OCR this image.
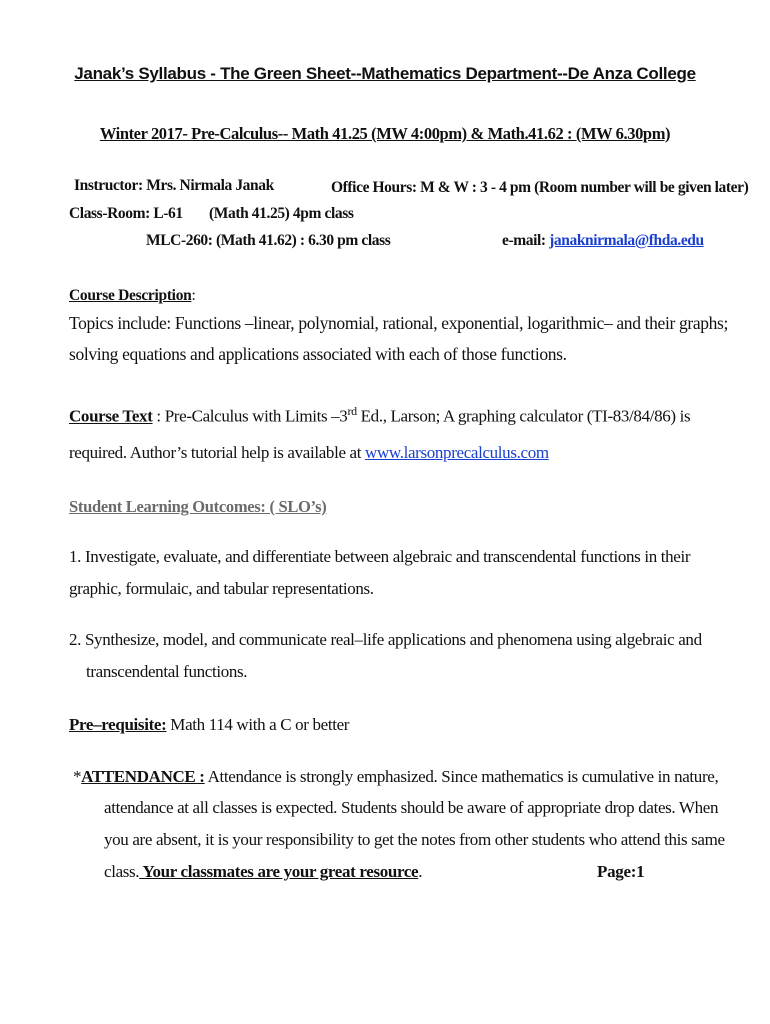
Janak’s Syllabus - The Green Sheet--Mathematics Department--De Anza College
Winter 2017- Pre-Calculus-- Math 41.25 (MW 4:00pm) & Math.41.62 : (MW 6.30pm)
Instructor: Mrs. Nirmala Janak	Office Hours: M & W : 3 - 4 pm (Room number will be given later)
Class-Room: L-61 (Math 41.25) 4pm class
MLC-260: (Math 41.62) : 6.30 pm class	e-mail: janaknirmala@fhda.edu
Course Description:
Topics include: Functions –linear, polynomial, rational, exponential, logarithmic– and their graphs;
solving equations and applications associated with each of those functions.
Course Text : Pre-Calculus with Limits –3rd Ed., Larson; A graphing calculator (TI-83/84/86) is
required. Author’s tutorial help is available at www.larsonprecalculus.com
Student Learning Outcomes: ( SLO’s)
1. Investigate, evaluate, and differentiate between algebraic and transcendental functions in their
graphic, formulaic, and tabular representations.
2. Synthesize, model, and communicate real–life applications and phenomena using algebraic and
transcendental functions.
Pre–requisite: Math 114 with a C or better
*ATTENDANCE : Attendance is strongly emphasized. Since mathematics is cumulative in nature,
attendance at all classes is expected. Students should be aware of appropriate drop dates. When
you are absent, it is your responsibility to get the notes from other students who attend this same
class. Your classmates are your great resource.	Page:1
